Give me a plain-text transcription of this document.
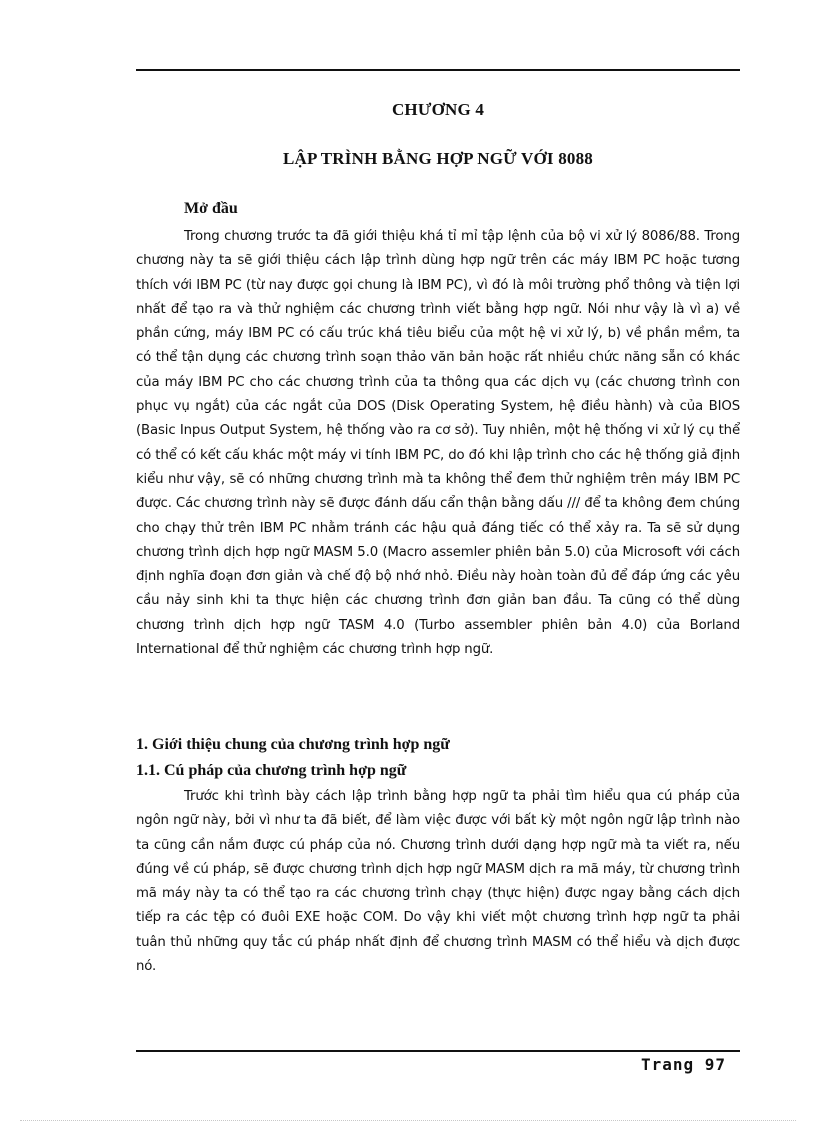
CHƯƠNG 4
LẬP TRÌNH BẰNG HỢP NGỮ VỚI 8088
Mở đầu

Trong chương trước ta đã giới thiệu khá tỉ mỉ tập lệnh của bộ vi xử lý 8086/88. Trong chương này ta sẽ giới thiệu cách lập trình dùng hợp ngữ trên các máy IBM PC hoặc tương thích với IBM PC (từ nay được gọi chung là IBM PC), vì đó là môi trường phổ thông và tiện lợi nhất để tạo ra và thử nghiệm các chương trình viết bằng hợp ngữ. Nói như vậy là vì a) về phần cứng, máy IBM PC có cấu trúc khá tiêu biểu của một hệ vi xử lý, b) về phần mềm, ta có thể tận dụng các chương trình soạn thảo văn bản hoặc rất nhiều chức năng sẵn có khác của máy IBM PC cho các chương trình của ta thông qua các dịch vụ (các chương trình con phục vụ ngắt) của các ngắt của DOS (Disk Operating System, hệ điều hành) và của BIOS (Basic Inpus Output System, hệ thống vào ra cơ sở). Tuy nhiên, một hệ thống vi xử lý cụ thể có thể có kết cấu khác một máy vi tính IBM PC, do đó khi lập trình cho các hệ thống giả định kiểu như vậy, sẽ có những chương trình mà ta không thể đem thử nghiệm trên máy IBM PC được. Các chương trình này sẽ được đánh dấu cẩn thận bằng dấu /// để ta không đem chúng cho chạy thử trên IBM PC nhằm tránh các hậu quả đáng tiếc có thể xảy ra. Ta sẽ sử dụng chương trình dịch hợp ngữ MASM 5.0 (Macro assemler phiên bản 5.0) của Microsoft với cách định nghĩa đoạn đơn giản và chế độ bộ nhớ nhỏ. Điều này hoàn toàn đủ để đáp ứng các yêu cầu nảy sinh khi ta thực hiện các chương trình đơn giản ban đầu. Ta cũng có thể dùng chương trình dịch hợp ngữ TASM 4.0 (Turbo assembler phiên bản 4.0) của Borland International để thử nghiệm các chương trình hợp ngữ.

1. Giới thiệu chung của chương trình hợp ngữ
1.1. Cú pháp của chương trình hợp ngữ

Trước khi trình bày cách lập trình bằng hợp ngữ ta phải tìm hiểu qua cú pháp của ngôn ngữ này, bởi vì như ta đã biết, để làm việc được với bất kỳ một ngôn ngữ lập trình nào ta cũng cần nắm được cú pháp của nó. Chương trình dưới dạng hợp ngữ mà ta viết ra, nếu đúng về cú pháp, sẽ được chương trình dịch hợp ngữ MASM dịch ra mã máy, từ chương trình mã máy này ta có thể tạo ra các chương trình chạy (thực hiện) được ngay bằng cách dịch tiếp ra các tệp có đuôi EXE hoặc COM. Do vậy khi viết một chương trình hợp ngữ ta phải tuân thủ những quy tắc cú pháp nhất định để chương trình MASM có thể hiểu và dịch được nó.

Trang 97
